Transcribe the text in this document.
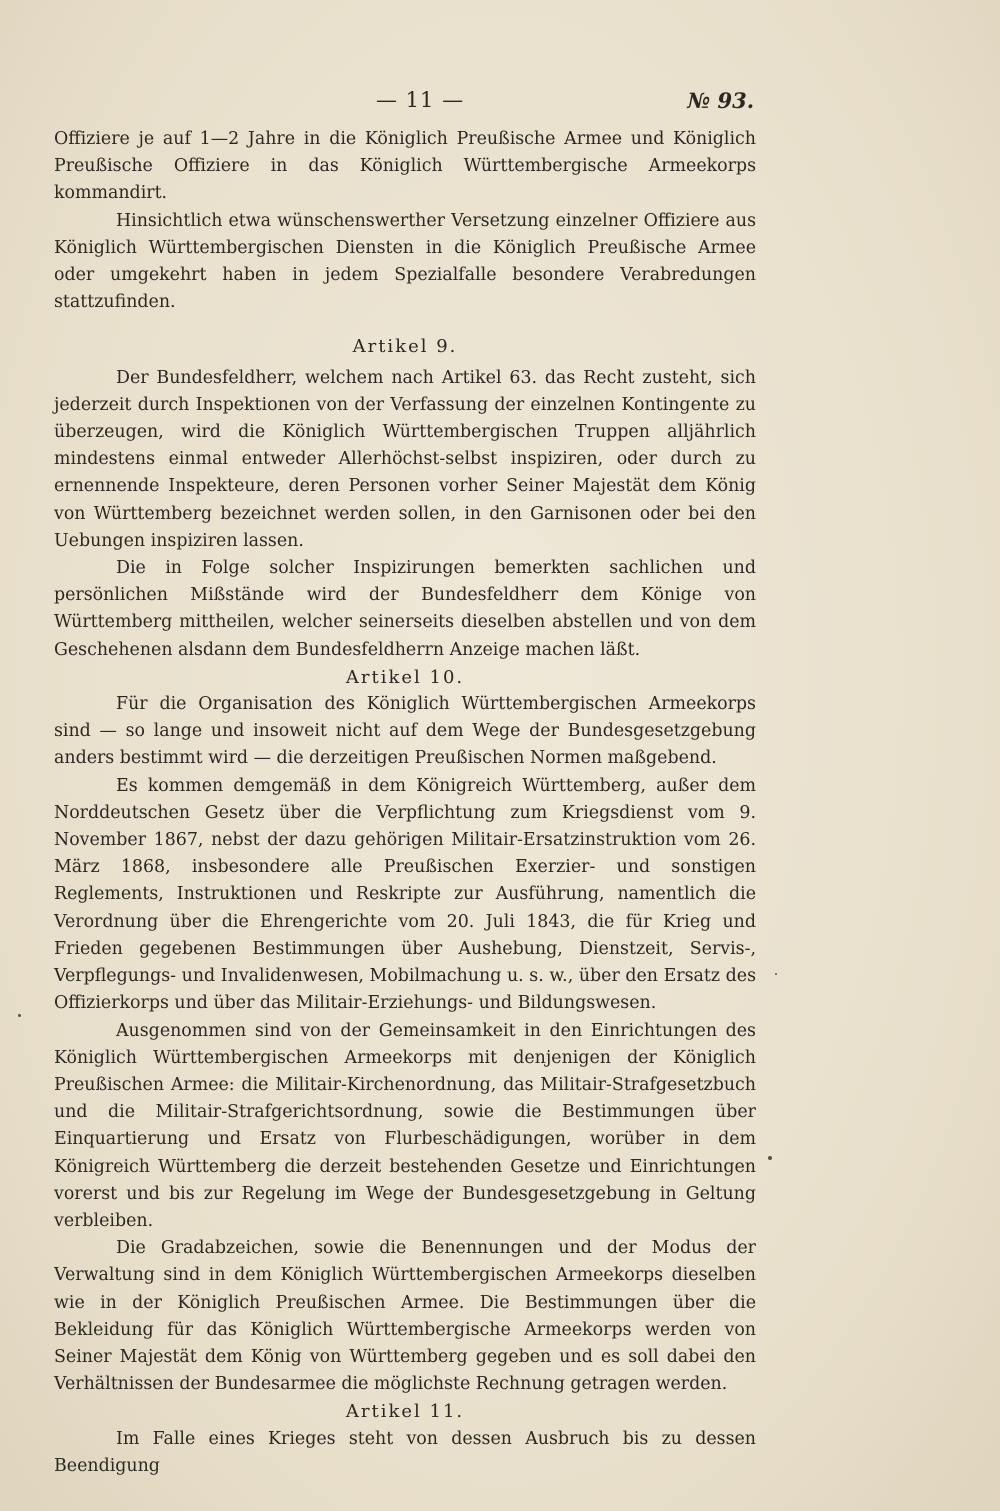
— 11 —	№ 93.

Offiziere je auf 1—2 Jahre in die Königlich Preußische Armee und Königlich Preußische Offiziere in das Königlich Württembergische Armeekorps kommandirt.

Hinsichtlich etwa wünschenswerther Versetzung einzelner Offiziere aus Königlich Württembergischen Diensten in die Königlich Preußische Armee oder umgekehrt haben in jedem Spezialfalle besondere Verabredungen stattzufinden.

Artikel 9.

Der Bundesfeldherr, welchem nach Artikel 63. das Recht zusteht, sich jederzeit durch Inspektionen von der Verfassung der einzelnen Kontingente zu überzeugen, wird die Königlich Württembergischen Truppen alljährlich mindestens einmal entweder Allerhöchst-selbst inspiziren, oder durch zu ernennende Inspekteure, deren Personen vorher Seiner Majestät dem König von Württemberg bezeichnet werden sollen, in den Garnisonen oder bei den Uebungen inspiziren lassen.

Die in Folge solcher Inspizirungen bemerkten sachlichen und persönlichen Mißstände wird der Bundesfeldherr dem Könige von Württemberg mittheilen, welcher seinerseits dieselben abstellen und von dem Geschehenen alsdann dem Bundesfeldherrn Anzeige machen läßt.

Artikel 10.

Für die Organisation des Königlich Württembergischen Armeekorps sind — so lange und insoweit nicht auf dem Wege der Bundesgesetzgebung anders bestimmt wird — die derzeitigen Preußischen Normen maßgebend.

Es kommen demgemäß in dem Königreich Württemberg, außer dem Norddeutschen Gesetz über die Verpflichtung zum Kriegsdienst vom 9. November 1867, nebst der dazu gehörigen Militair-Ersatzinstruktion vom 26. März 1868, insbesondere alle Preußischen Exerzier- und sonstigen Reglements, Instruktionen und Reskripte zur Ausführung, namentlich die Verordnung über die Ehrengerichte vom 20. Juli 1843, die für Krieg und Frieden gegebenen Bestimmungen über Aushebung, Dienstzeit, Servis-, Verpflegungs- und Invalidenwesen, Mobilmachung u. s. w., über den Ersatz des Offizierkorps und über das Militair-Erziehungs- und Bildungswesen.

Ausgenommen sind von der Gemeinsamkeit in den Einrichtungen des Königlich Württembergischen Armeekorps mit denjenigen der Königlich Preußischen Armee: die Militair-Kirchenordnung, das Militair-Strafgesetzbuch und die Militair-Strafgerichtsordnung, sowie die Bestimmungen über Einquartierung und Ersatz von Flurbeschädigungen, worüber in dem Königreich Württemberg die derzeit bestehenden Gesetze und Einrichtungen vorerst und bis zur Regelung im Wege der Bundesgesetzgebung in Geltung verbleiben.

Die Gradabzeichen, sowie die Benennungen und der Modus der Verwaltung sind in dem Königlich Württembergischen Armeekorps dieselben wie in der Königlich Preußischen Armee. Die Bestimmungen über die Bekleidung für das Königlich Württembergische Armeekorps werden von Seiner Majestät dem König von Württemberg gegeben und es soll dabei den Verhältnissen der Bundesarmee die möglichste Rechnung getragen werden.

Artikel 11.

Im Falle eines Krieges steht von dessen Ausbruch bis zu dessen Beendigung
